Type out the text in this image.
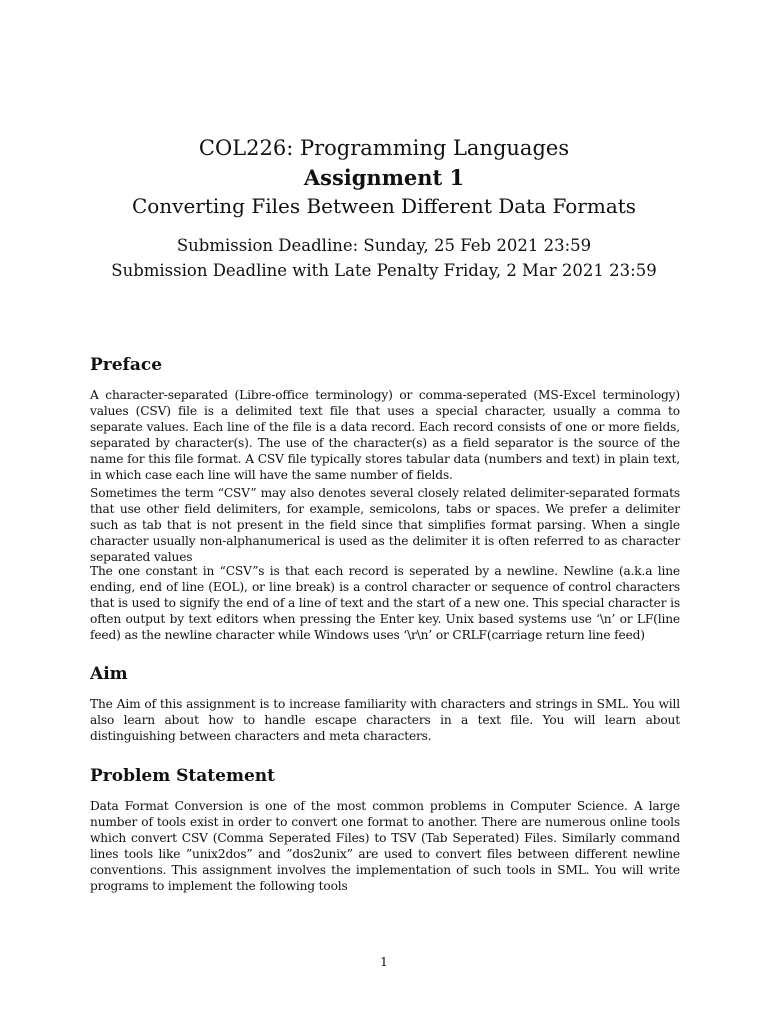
COL226: Programming Languages
Assignment 1
Converting Files Between Different Data Formats
Submission Deadline: Sunday, 25 Feb 2021 23:59
Submission Deadline with Late Penalty Friday, 2 Mar 2021 23:59
Preface

A character-separated (Libre-office terminology) or comma-seperated (MS-Excel terminology) values (CSV) file is a delimited text file that uses a special character, usually a comma to separate values. Each line of the file is a data record. Each record consists of one or more fields, separated by character(s). The use of the character(s) as a field separator is the source of the name for this file format. A CSV file typically stores tabular data (numbers and text) in plain text, in which case each line will have the same number of fields.

Sometimes the term “CSV” may also denotes several closely related delimiter-separated formats that use other field delimiters, for example, semicolons, tabs or spaces. We prefer a delimiter such as tab that is not present in the field since that simplifies format parsing. When a single character usually non-alphanumerical is used as the delimiter it is often referred to as character separated values

The one constant in “CSV”s is that each record is seperated by a newline. Newline (a.k.a line ending, end of line (EOL), or line break) is a control character or sequence of control characters that is used to signify the end of a line of text and the start of a new one. This special character is often output by text editors when pressing the Enter key. Unix based systems use ‘\n’ or LF(line feed) as the newline character while Windows uses ‘\r\n’ or CRLF(carriage return line feed)

Aim

The Aim of this assignment is to increase familiarity with characters and strings in SML. You will also learn about how to handle escape characters in a text file. You will learn about distinguishing between characters and meta characters.

Problem Statement

Data Format Conversion is one of the most common problems in Computer Science. A large number of tools exist in order to convert one format to another. There are numerous online tools which convert CSV (Comma Seperated Files) to TSV (Tab Seperated) Files. Similarly command lines tools like ”unix2dos” and ”dos2unix” are used to convert files between different newline conventions. This assignment involves the implementation of such tools in SML. You will write programs to implement the following tools

1
